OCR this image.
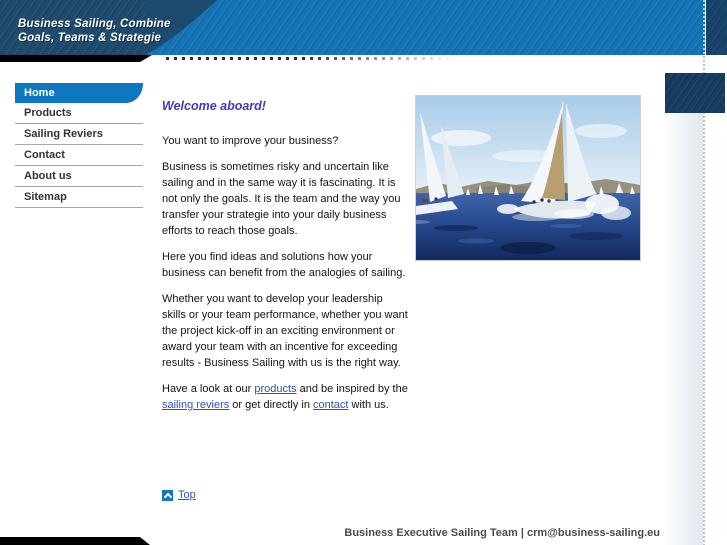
Business Sailing, Combine
Goals, Teams & Strategie
Home
Products
Sailing Reviers
Contact
About us
Sitemap
Welcome aboard!

You want to improve your business?

Business is sometimes risky and uncertain like sailing and in the same way it is fascinating. It is not only the goals. It is the team and the way you transfer your strategie into your daily business efforts to reach those goals.

Here you find ideas and solutions how your business can benefit from the analogies of sailing.

Whether you want to develop your leadership skills or your team performance, whether you want the project kick-off in an exciting environment or award your team with an incentive for exceeding results - Business Sailing with us is the right way.

Have a look at our products and be inspired by the sailing reviers or get directly in contact with us.

Top
Business Executive Sailing Team | crm@business-sailing.eu
